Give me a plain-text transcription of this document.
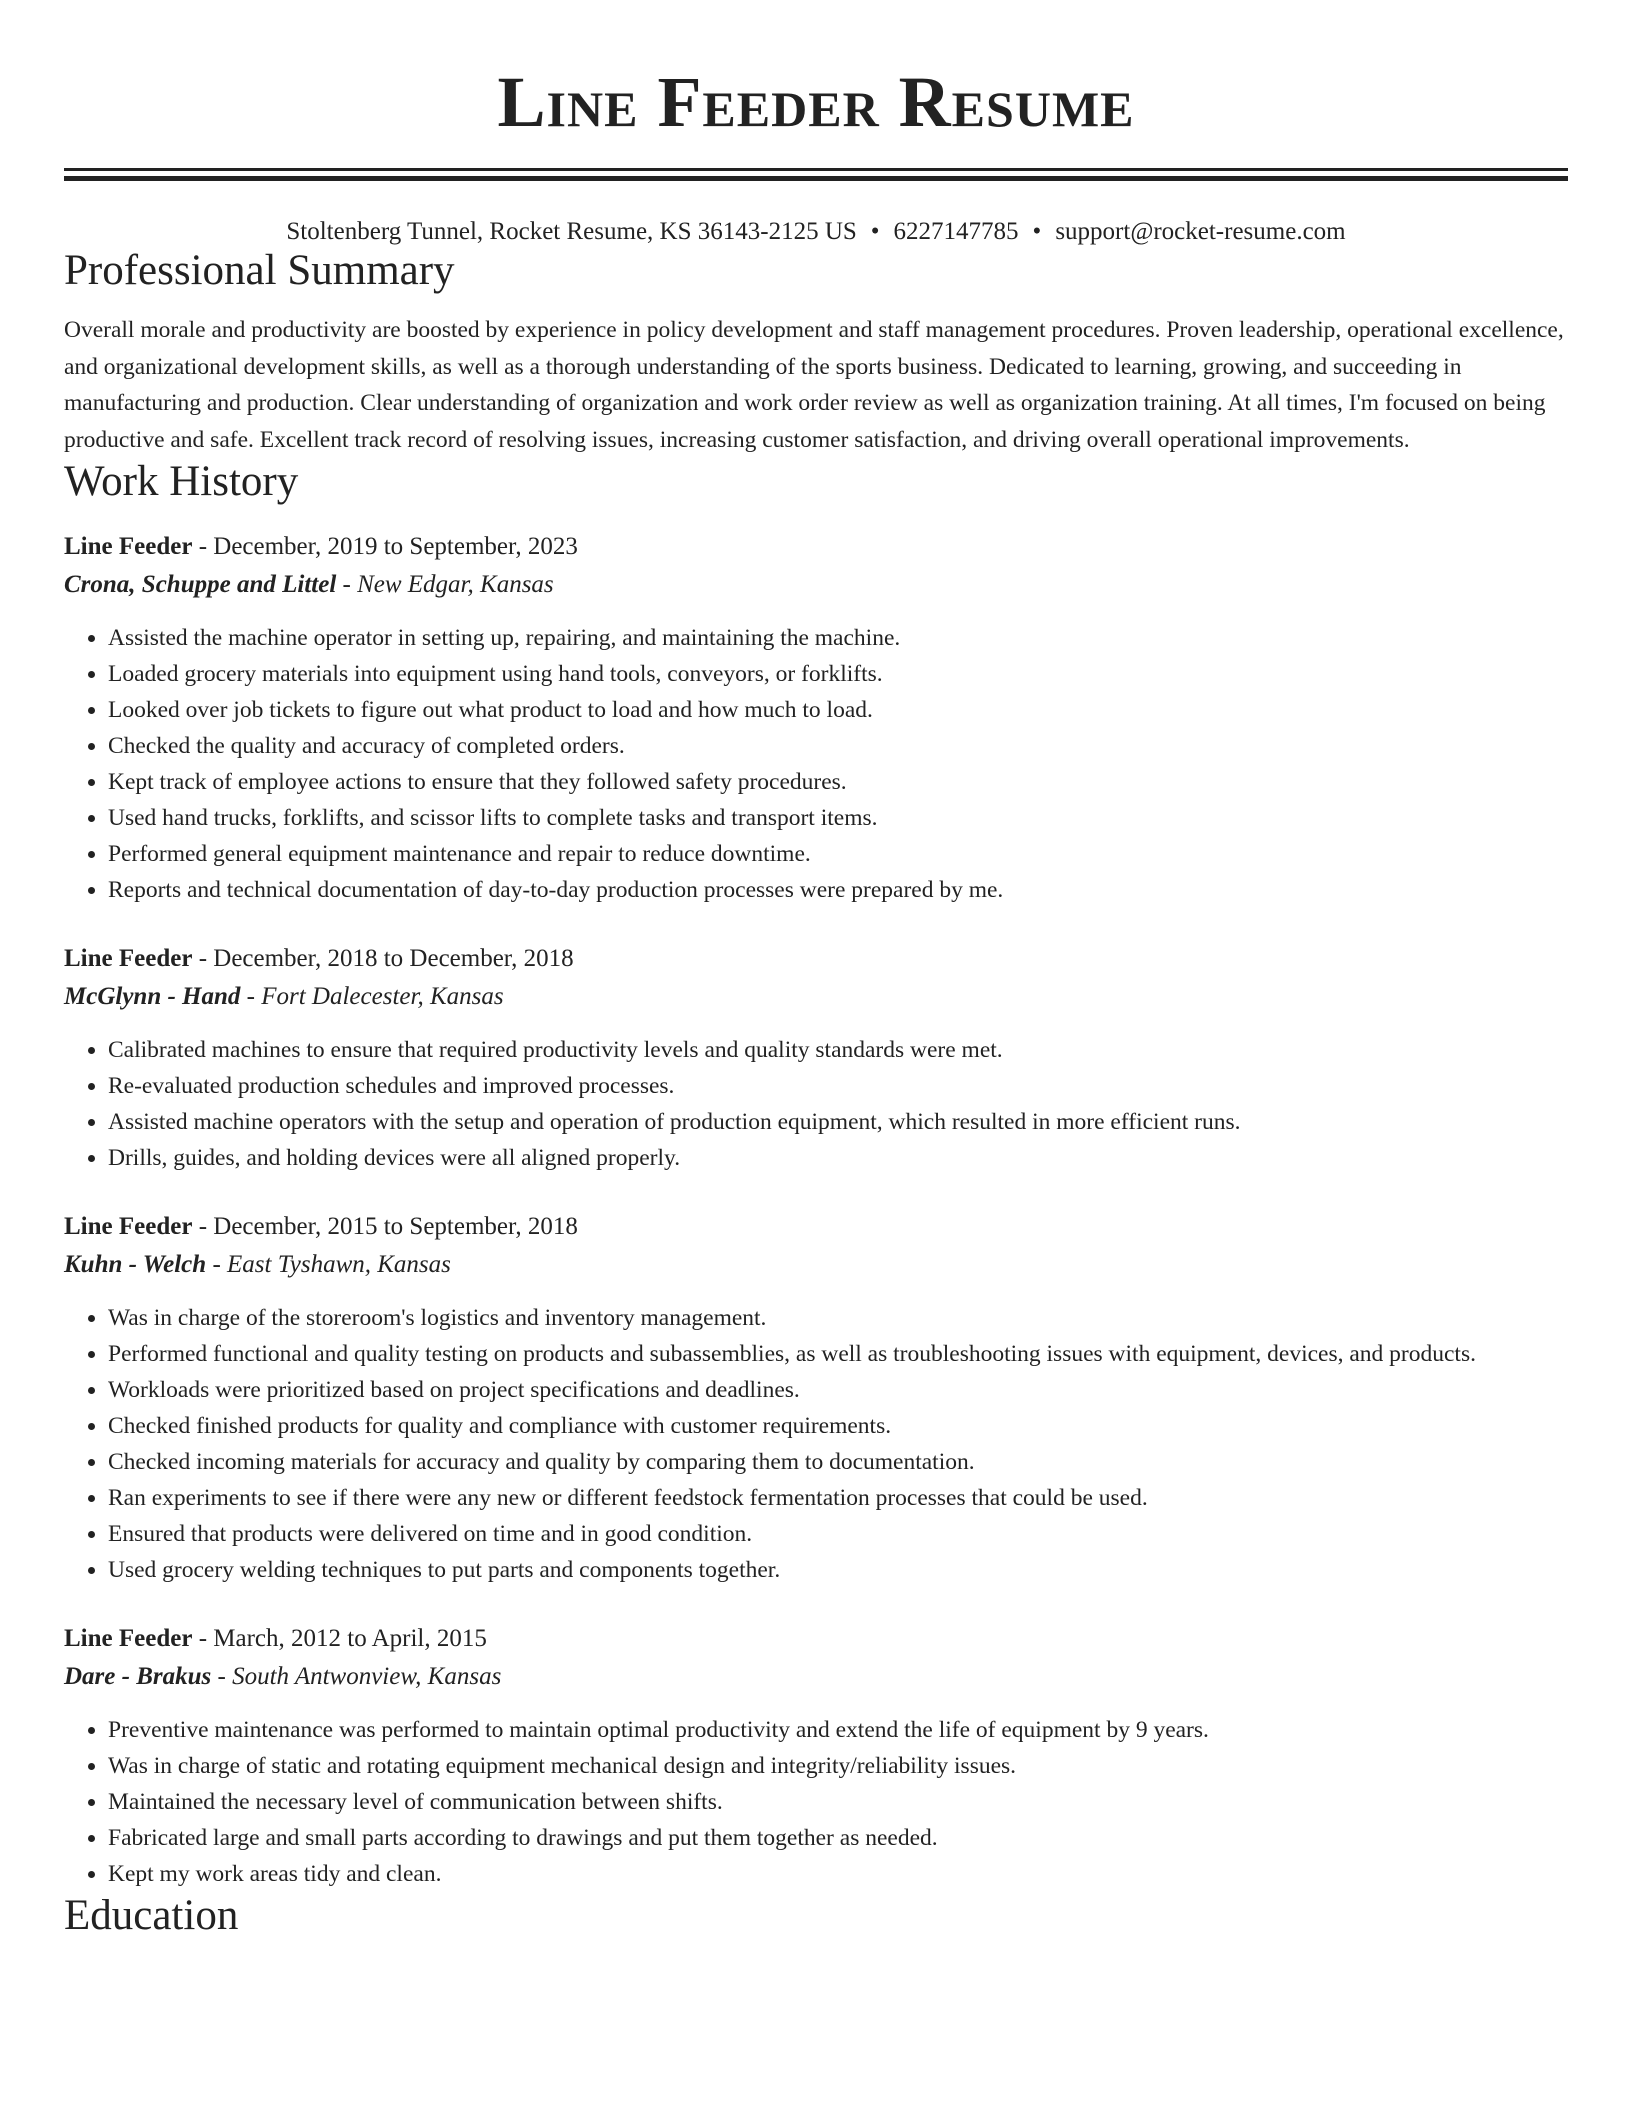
Line Feeder Resume
Stoltenberg Tunnel, Rocket Resume, KS 36143-2125 US • 6227147785 • support@rocket-resume.com
Professional Summary
Overall morale and productivity are boosted by experience in policy development and staff management procedures. Proven leadership, operational excellence, and organizational development skills, as well as a thorough understanding of the sports business. Dedicated to learning, growing, and succeeding in manufacturing and production. Clear understanding of organization and work order review as well as organization training. At all times, I'm focused on being productive and safe. Excellent track record of resolving issues, increasing customer satisfaction, and driving overall operational improvements.
Work History
Line Feeder - December, 2019 to September, 2023
Crona, Schuppe and Littel - New Edgar, Kansas
• Assisted the machine operator in setting up, repairing, and maintaining the machine.
• Loaded grocery materials into equipment using hand tools, conveyors, or forklifts.
• Looked over job tickets to figure out what product to load and how much to load.
• Checked the quality and accuracy of completed orders.
• Kept track of employee actions to ensure that they followed safety procedures.
• Used hand trucks, forklifts, and scissor lifts to complete tasks and transport items.
• Performed general equipment maintenance and repair to reduce downtime.
• Reports and technical documentation of day-to-day production processes were prepared by me.
Line Feeder - December, 2018 to December, 2018
McGlynn - Hand - Fort Dalecester, Kansas
• Calibrated machines to ensure that required productivity levels and quality standards were met.
• Re-evaluated production schedules and improved processes.
• Assisted machine operators with the setup and operation of production equipment, which resulted in more efficient runs.
• Drills, guides, and holding devices were all aligned properly.
Line Feeder - December, 2015 to September, 2018
Kuhn - Welch - East Tyshawn, Kansas
• Was in charge of the storeroom's logistics and inventory management.
• Performed functional and quality testing on products and subassemblies, as well as troubleshooting issues with equipment, devices, and products.
• Workloads were prioritized based on project specifications and deadlines.
• Checked finished products for quality and compliance with customer requirements.
• Checked incoming materials for accuracy and quality by comparing them to documentation.
• Ran experiments to see if there were any new or different feedstock fermentation processes that could be used.
• Ensured that products were delivered on time and in good condition.
• Used grocery welding techniques to put parts and components together.
Line Feeder - March, 2012 to April, 2015
Dare - Brakus - South Antwonview, Kansas
• Preventive maintenance was performed to maintain optimal productivity and extend the life of equipment by 9 years.
• Was in charge of static and rotating equipment mechanical design and integrity/reliability issues.
• Maintained the necessary level of communication between shifts.
• Fabricated large and small parts according to drawings and put them together as needed.
• Kept my work areas tidy and clean.
Education
